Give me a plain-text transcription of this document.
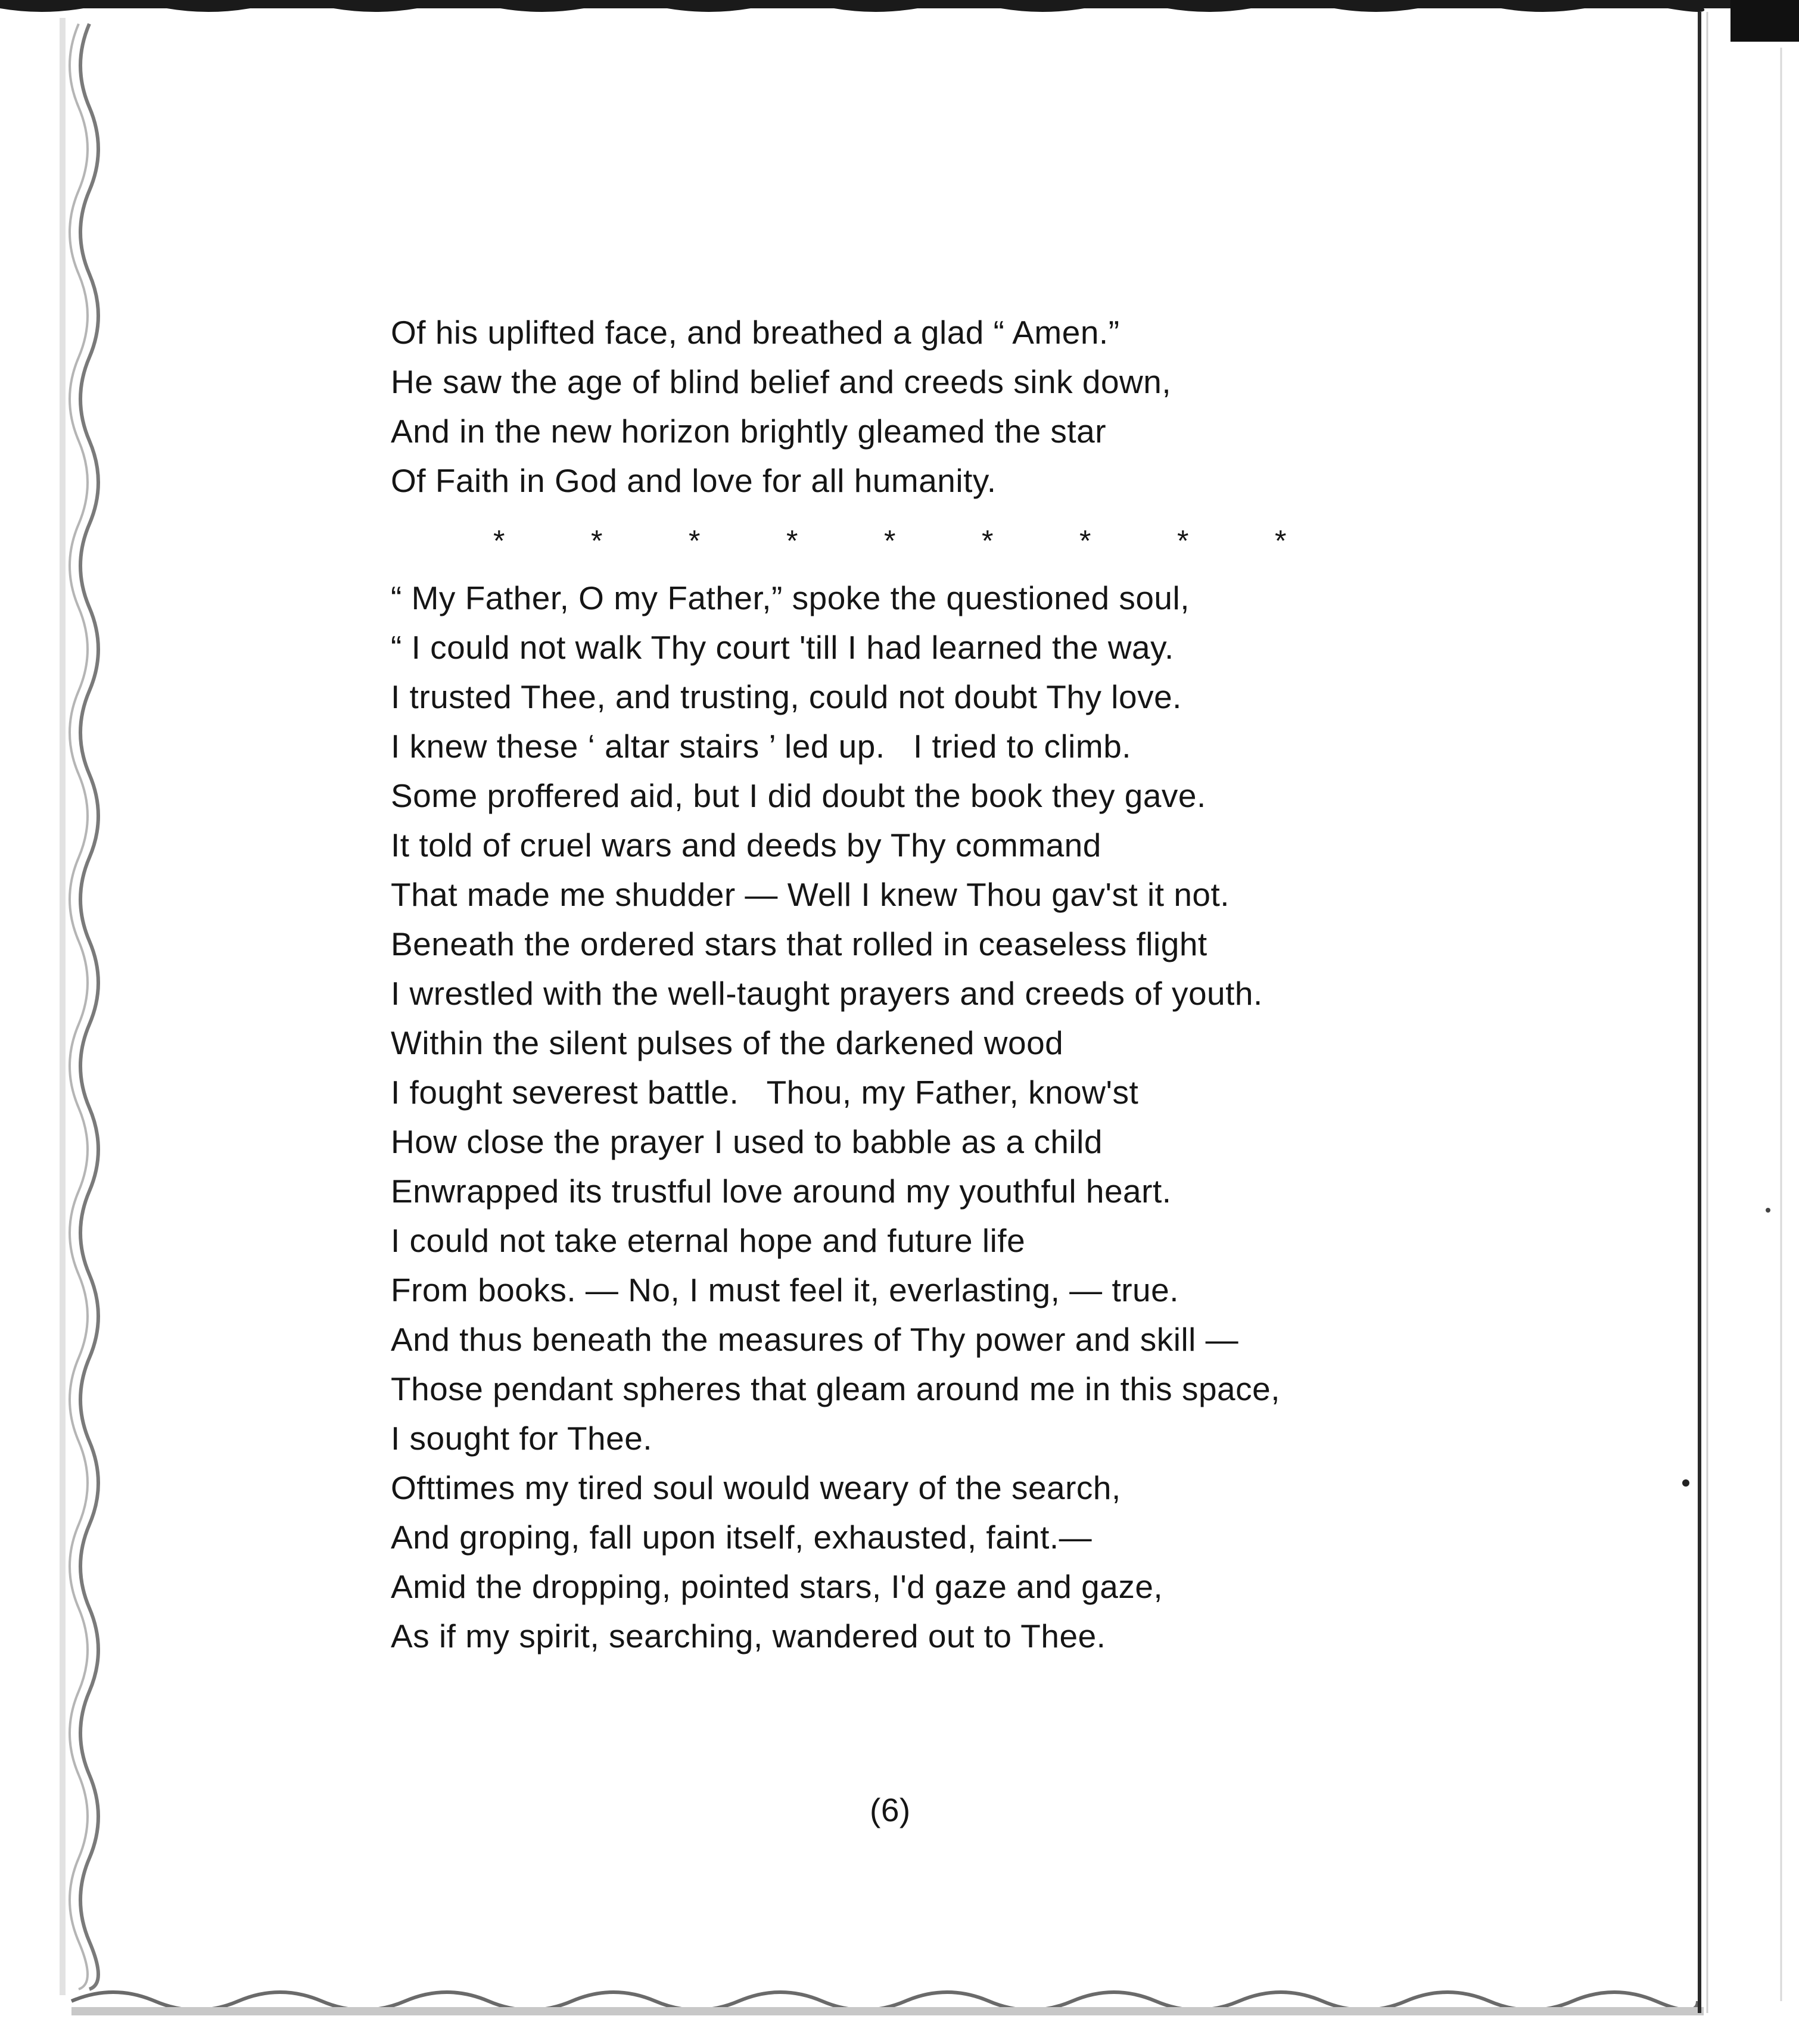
Of his uplifted face, and breathed a glad “ Amen.”
He saw the age of blind belief and creeds sink down,
And in the new horizon brightly gleamed the star
Of Faith in God and love for all humanity.

*

	*

	*

	*

	*

	*

	*

	*

	*

“ My Father, O my Father,” spoke the questioned soul,
“ I could not walk Thy court 'till I had learned the way.
I trusted Thee, and trusting, could not doubt Thy love.
I knew these ‘ altar stairs ’ led up.   I tried to climb.
Some proffered aid, but I did doubt the book they gave.
It told of cruel wars and deeds by Thy command
That made me shudder — Well I knew Thou gav'st it not.
Beneath the ordered stars that rolled in ceaseless flight
I wrestled with the well-taught prayers and creeds of youth.
Within the silent pulses of the darkened wood
I fought severest battle.   Thou, my Father, know'st
How close the prayer I used to babble as a child
Enwrapped its trustful love around my youthful heart.
I could not take eternal hope and future life
From books. — No, I must feel it, everlasting, — true.
And thus beneath the measures of Thy power and skill —
Those pendant spheres that gleam around me in this space,
I sought for Thee.
Ofttimes my tired soul would weary of the search,
And groping, fall upon itself, exhausted, faint.—
Amid the dropping, pointed stars, I'd gaze and gaze,
As if my spirit, searching, wandered out to Thee.
(6)
